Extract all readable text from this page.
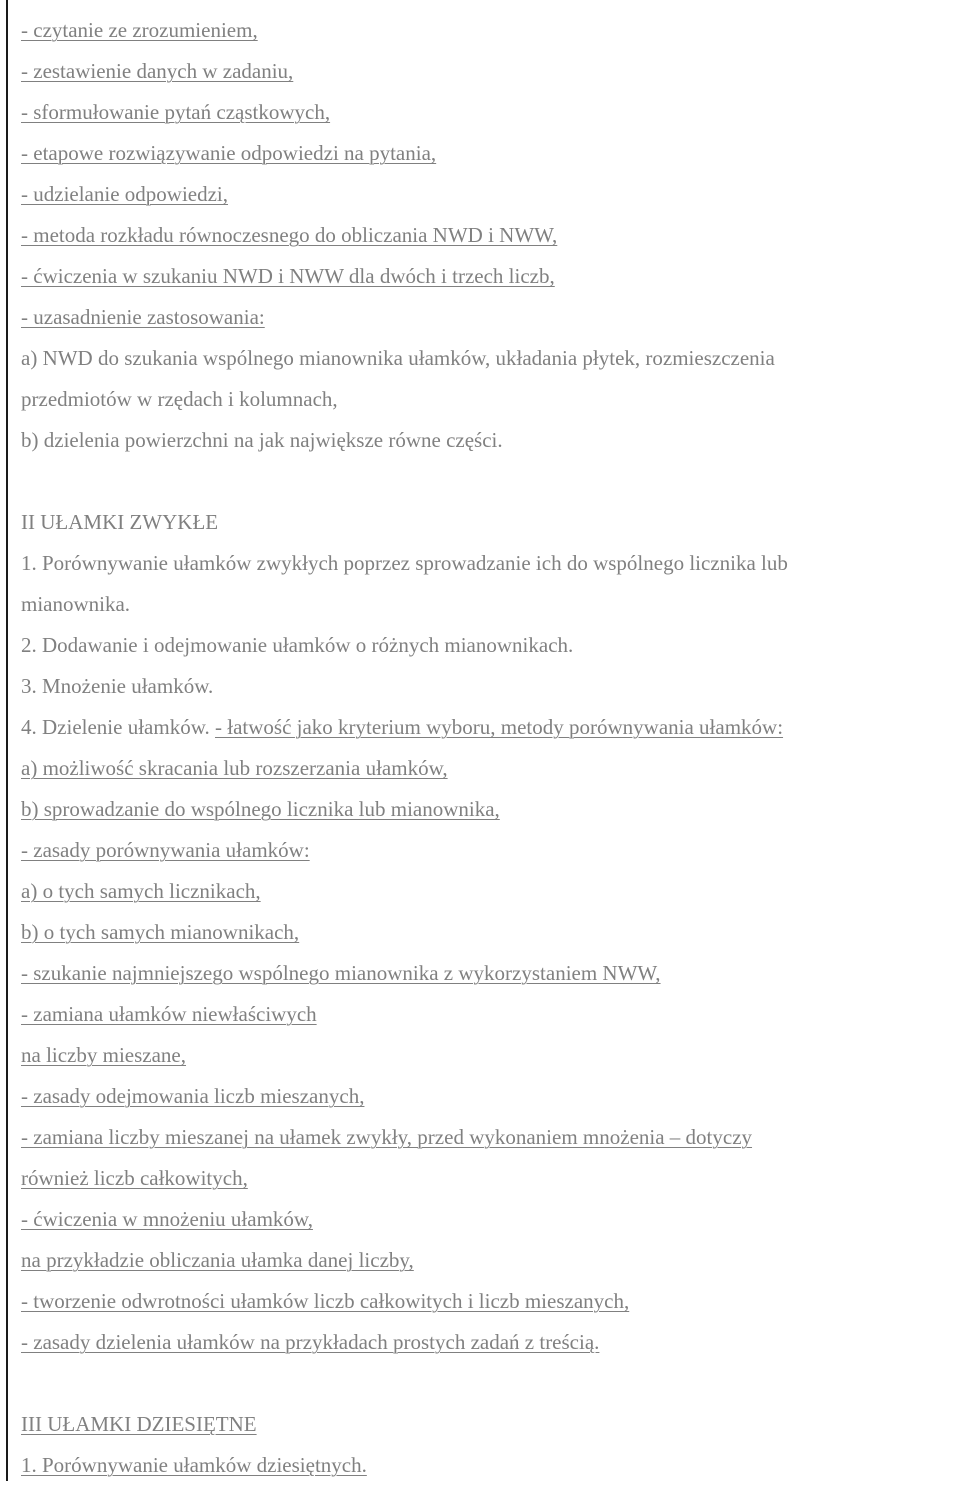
- czytanie ze zrozumieniem,
- zestawienie danych w zadaniu,
- sformułowanie pytań cząstkowych,
- etapowe rozwiązywanie odpowiedzi na pytania,
- udzielanie odpowiedzi,
- metoda rozkładu równoczesnego do obliczania NWD i NWW,
- ćwiczenia w szukaniu NWD i NWW dla dwóch i trzech liczb,
- uzasadnienie zastosowania:
a) NWD do szukania wspólnego mianownika ułamków, układania płytek, rozmieszczenia
przedmiotów w rzędach i kolumnach,
b) dzielenia powierzchni na jak największe równe części.
II UŁAMKI ZWYKŁE
1. Porównywanie ułamków zwykłych poprzez sprowadzanie ich do wspólnego licznika lub
mianownika.
2. Dodawanie i odejmowanie ułamków o różnych mianownikach.
3. Mnożenie ułamków.
4. Dzielenie ułamków. - łatwość jako kryterium wyboru, metody porównywania ułamków:
a) możliwość skracania lub rozszerzania ułamków,
b) sprowadzanie do wspólnego licznika lub mianownika,
- zasady porównywania ułamków:
a) o tych samych licznikach,
b) o tych samych mianownikach,
- szukanie najmniejszego wspólnego mianownika z wykorzystaniem NWW,
- zamiana ułamków niewłaściwych
na liczby mieszane,
- zasady odejmowania liczb mieszanych,
- zamiana liczby mieszanej na ułamek zwykły, przed wykonaniem mnożenia – dotyczy
również liczb całkowitych,
- ćwiczenia w mnożeniu ułamków,
na przykładzie obliczania ułamka danej liczby,
- tworzenie odwrotności ułamków liczb całkowitych i liczb mieszanych,
- zasady dzielenia ułamków na przykładach prostych zadań z treścią.
III UŁAMKI DZIESIĘTNE
1. Porównywanie ułamków dziesiętnych.
